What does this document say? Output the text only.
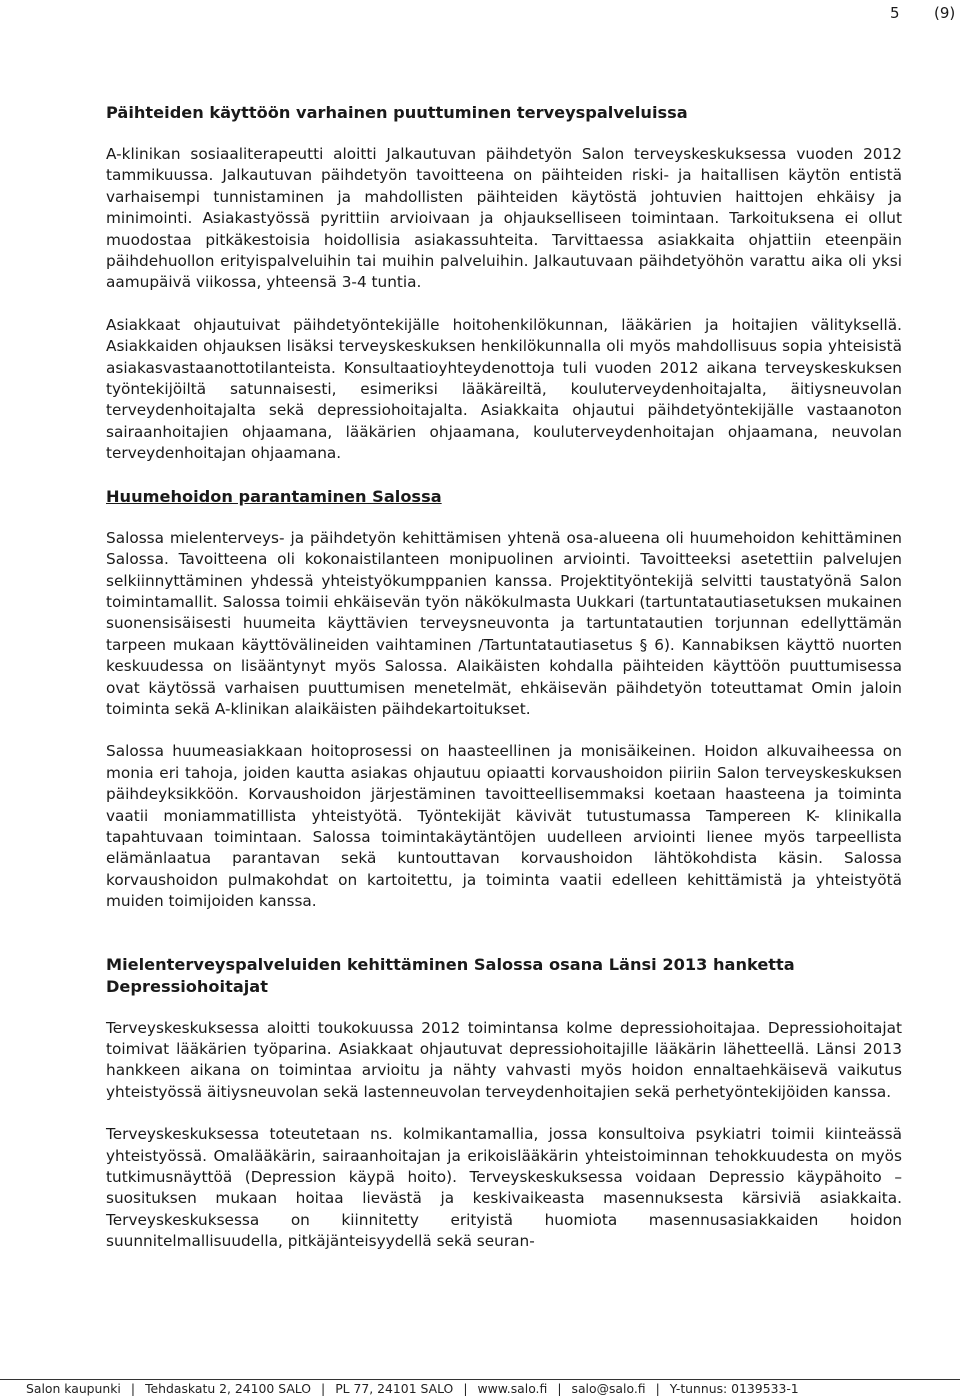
5 (9)
Päihteiden käyttöön varhainen puuttuminen terveyspalveluissa

A-klinikan sosiaaliterapeutti aloitti Jalkautuvan päihdetyön Salon terveyskeskuksessa vuoden 2012 tammikuussa. Jalkautuvan päihdetyön tavoitteena on päihteiden riski- ja haitallisen käytön entistä varhaisempi tunnistaminen ja mahdollisten päihteiden käytöstä johtuvien haittojen ehkäisy ja minimointi. Asiakastyössä pyrittiin arvioivaan ja ohjaukselliseen toimintaan. Tarkoituksena ei ollut muodostaa pitkäkestoisia hoidollisia asiakassuhteita. Tarvittaessa asiakkaita ohjattiin eteenpäin päihdehuollon erityispalveluihin tai muihin palveluihin. Jalkautuvaan päihdetyöhön varattu aika oli yksi aamupäivä viikossa, yhteensä 3-4 tuntia.

Asiakkaat ohjautuivat päihdetyöntekijälle hoitohenkilökunnan, lääkärien ja hoitajien välityksellä. Asiakkaiden ohjauksen lisäksi terveyskeskuksen henkilökunnalla oli myös mahdollisuus sopia yhteisistä asiakasvastaanottotilanteista. Konsultaatioyhteydenottoja tuli vuoden 2012 aikana terveyskeskuksen työntekijöiltä satunnaisesti, esimeriksi lääkäreiltä, kouluterveydenhoitajalta, äitiysneuvolan terveydenhoitajalta sekä depressiohoitajalta. Asiakkaita ohjautui päihdetyöntekijälle vastaanoton sairaanhoitajien ohjaamana, lääkärien ohjaamana, kouluterveydenhoitajan ohjaamana, neuvolan terveydenhoitajan ohjaamana.

Huumehoidon parantaminen Salossa

Salossa mielenterveys- ja päihdetyön kehittämisen yhtenä osa-alueena oli huumehoidon kehittäminen Salossa. Tavoitteena oli kokonaistilanteen monipuolinen arviointi. Tavoitteeksi asetettiin palvelujen selkiinnyttäminen yhdessä yhteistyökumppanien kanssa. Projektityöntekijä selvitti taustatyönä Salon toimintamallit. Salossa toimii ehkäisevän työn näkökulmasta Uukkari (tartuntatautiasetuksen mukainen suonensisäisesti huumeita käyttävien terveysneuvonta ja tartuntatautien torjunnan edellyttämän tarpeen mukaan käyttövälineiden vaihtaminen /Tartuntatautiasetus § 6). Kannabiksen käyttö nuorten keskuudessa on lisääntynyt myös Salossa. Alaikäisten kohdalla päihteiden käyttöön puuttumisessa ovat käytössä varhaisen puuttumisen menetelmät, ehkäisevän päihdetyön toteuttamat Omin jaloin toiminta sekä A-klinikan alaikäisten päihdekartoitukset.

Salossa huumeasiakkaan hoitoprosessi on haasteellinen ja monisäikeinen. Hoidon alkuvaiheessa on monia eri tahoja, joiden kautta asiakas ohjautuu opiaatti korvaushoidon piiriin Salon terveyskeskuksen päihdeyksikköön. Korvaushoidon järjestäminen tavoitteellisemmaksi koetaan haasteena ja toiminta vaatii moniammatillista yhteistyötä. Työntekijät kävivät tutustumassa Tampereen K- klinikalla tapahtuvaan toimintaan. Salossa toimintakäytäntöjen uudelleen arviointi lienee myös tarpeellista elämänlaatua parantavan sekä kuntouttavan korvaushoidon lähtökohdista käsin. Salossa korvaushoidon pulmakohdat on kartoitettu, ja toiminta vaatii edelleen kehittämistä ja yhteistyötä muiden toimijoiden kanssa.

Mielenterveyspalveluiden kehittäminen Salossa osana Länsi 2013 hanketta
Depressiohoitajat

Terveyskeskuksessa aloitti toukokuussa 2012 toimintansa kolme depressiohoitajaa. Depressiohoitajat toimivat lääkärien työparina. Asiakkaat ohjautuvat depressiohoitajille lääkärin lähetteellä. Länsi 2013 hankkeen aikana on toimintaa arvioitu ja nähty vahvasti myös hoidon ennaltaehkäisevä vaikutus yhteistyössä äitiysneuvolan sekä lastenneuvolan terveydenhoitajien sekä perhetyöntekijöiden kanssa.

Terveyskeskuksessa toteutetaan ns. kolmikantamallia, jossa konsultoiva psykiatri toimii kiinteässä yhteistyössä. Omalääkärin, sairaanhoitajan ja erikoislääkärin yhteistoiminnan tehokkuudesta on myös tutkimusnäyttöä (Depression käypä hoito). Terveyskeskuksessa voidaan Depressio käypähoito – suosituksen mukaan hoitaa lievästä ja keskivaikeasta masennuksesta kärsiviä asiakkaita. Terveyskeskuksessa on kiinnitetty erityistä huomiota masennusasiakkaiden hoidon suunnitelmallisuudella, pitkäjänteisyydellä sekä seuran-

Salon kaupunki | Tehdaskatu 2, 24100 SALO | PL 77, 24101 SALO | www.salo.fi | salo@salo.fi | Y-tunnus: 0139533-1
